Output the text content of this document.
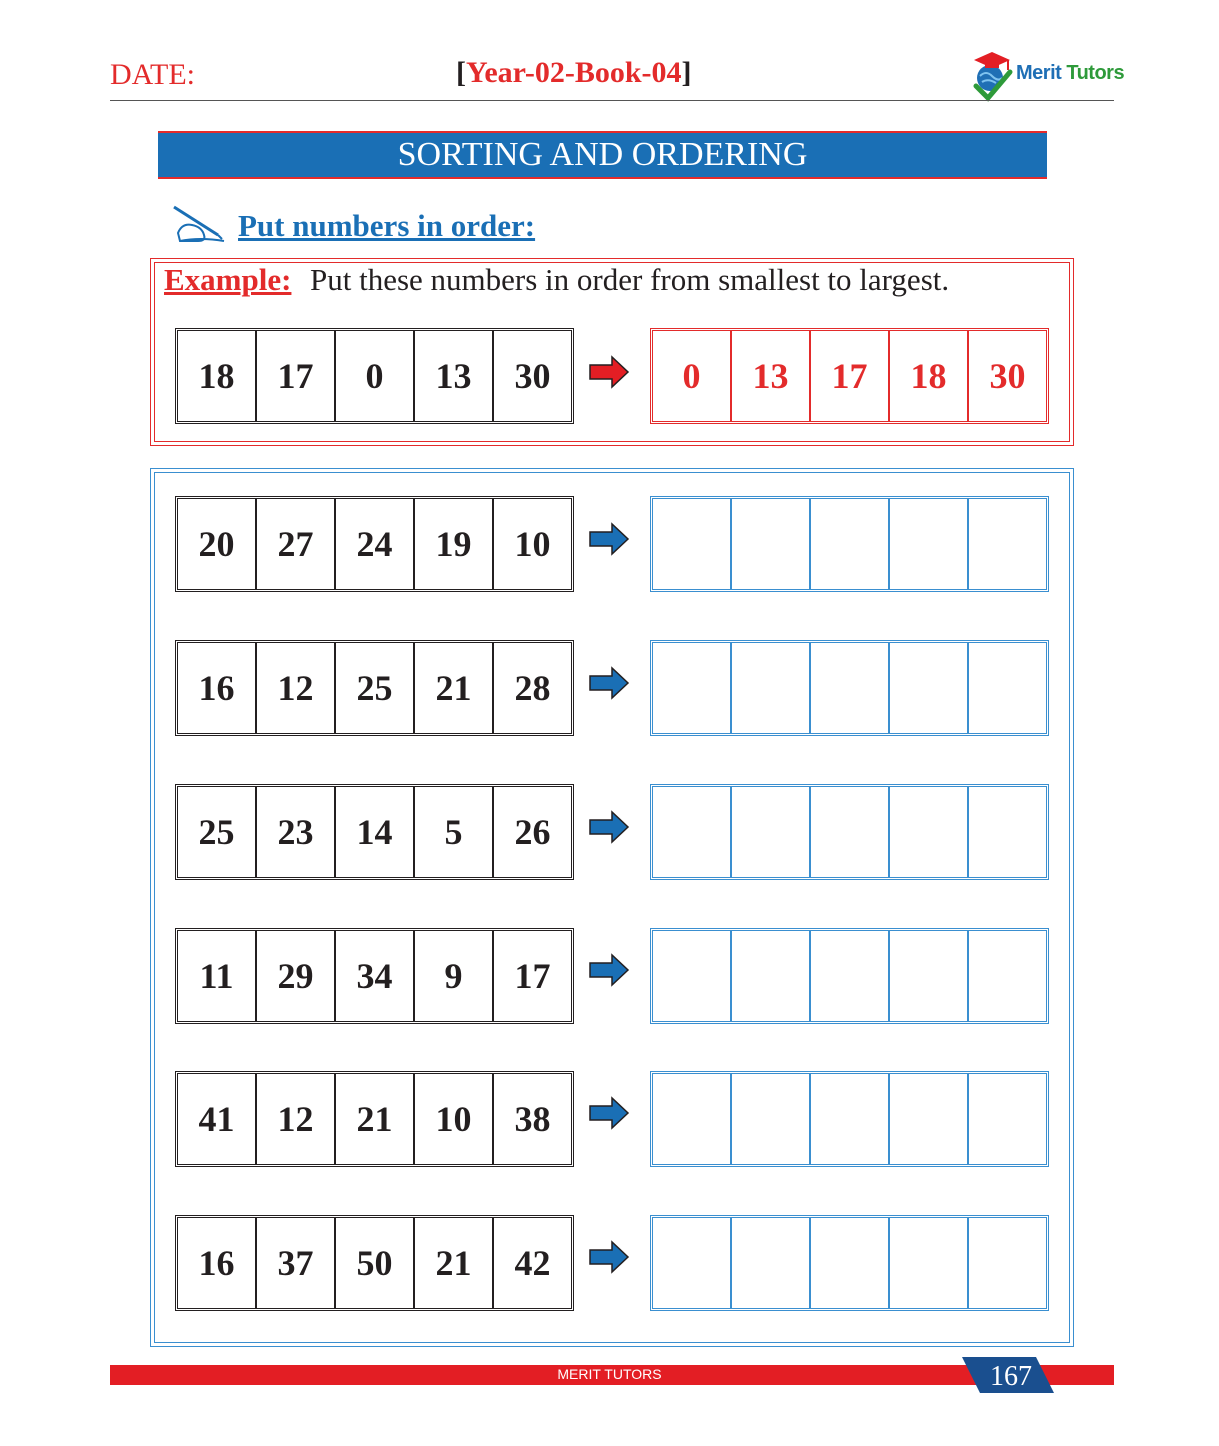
DATE:	[Year-02-Book-04]	Merit Tutors
SORTING AND ORDERING
Put numbers in order:
Example: Put these numbers in order from smallest to largest.
18	17	0	13	30	0	13	17	18	30
20	27	24	19	10
16	12	25	21	28
25	23	14	5	26
11	29	34	9	17
41	12	21	10	38
16	37	50	21	42
MERIT TUTORS	167
